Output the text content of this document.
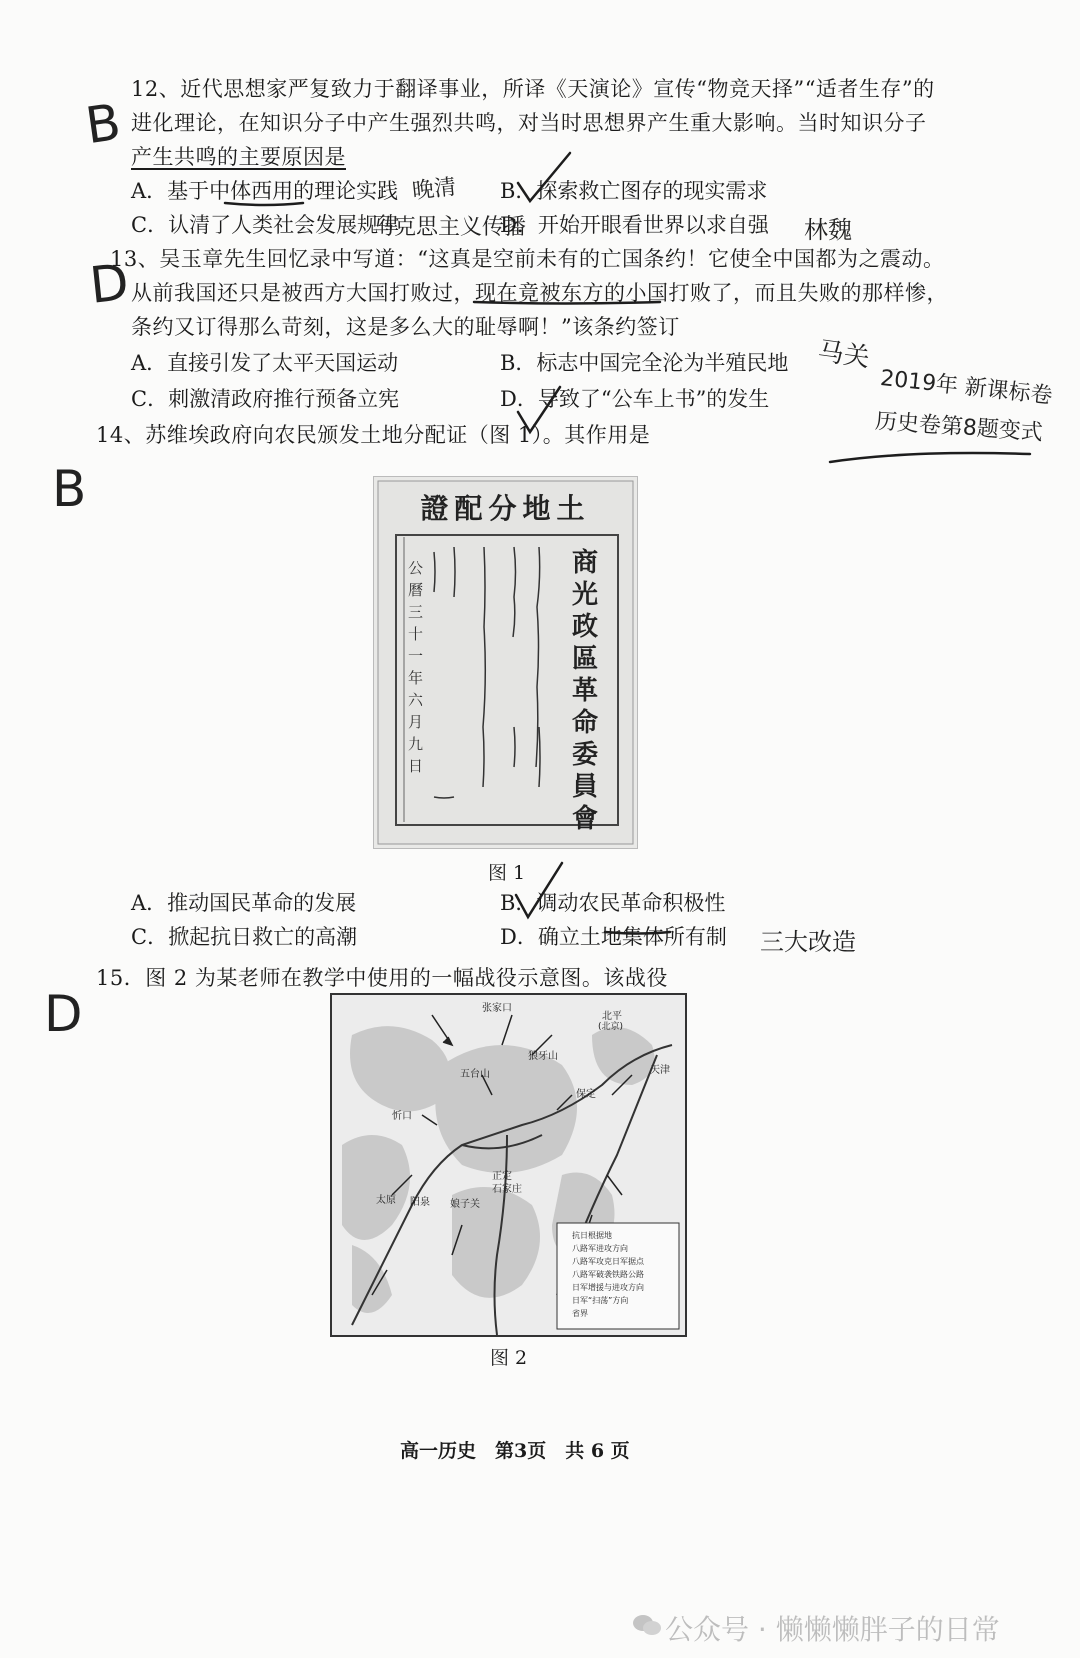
12、近代思想家严复致力于翻译事业，所译《天演论》宣传“物竞天择”“适者生存”的
进化理论，在知识分子中产生强烈共鸣，对当时思想界产生重大影响。当时知识分子
产生共鸣的主要原因是
A．基于中体西用的理论实践	B．探索救亡图存的现实需求
C．认清了人类社会发展规律	D．开始开眼看世界以求自强
13、吴玉章先生回忆录中写道：“这真是空前未有的亡国条约！它使全中国都为之震动。
从前我国还只是被西方大国打败过，现在竟被东方的小国打败了，而且失败的那样惨，
条约又订得那么苛刻，这是多么大的耻辱啊！”该条约签订
A．直接引发了太平天国运动	B．标志中国完全沦为半殖民地
C．刺激清政府推行预备立宪	D．导致了“公车上书”的发生
14、苏维埃政府向农民颁发土地分配证（图 1）。其作用是
證配分地土
商光政區革命委員會
公曆三十一年六月九日
图 1
A．推动国民革命的发展	B．调动农民革命积极性
C．掀起抗日救亡的高潮	D．确立土地集体所有制
15．图 2 为某老师在教学中使用的一幅战役示意图。该战役
北平
(北京)
天津
张家口
五台山
狼牙山
保定
忻口
正定
石家庄
娘子关
阳泉
太原
抗日根据地
八路军进攻方向
八路军攻克日军据点
八路军破袭铁路公路
日军增援与进攻方向
日军“扫荡”方向
省界
图 2
B
D
B
D
晚清
马克思主义传播	林魏
马关
2019年 新课标卷
历史卷第8题变式
三大改造
高一历史　第3页　共 6 页
公众号 · 懒懒懒胖子的日常
